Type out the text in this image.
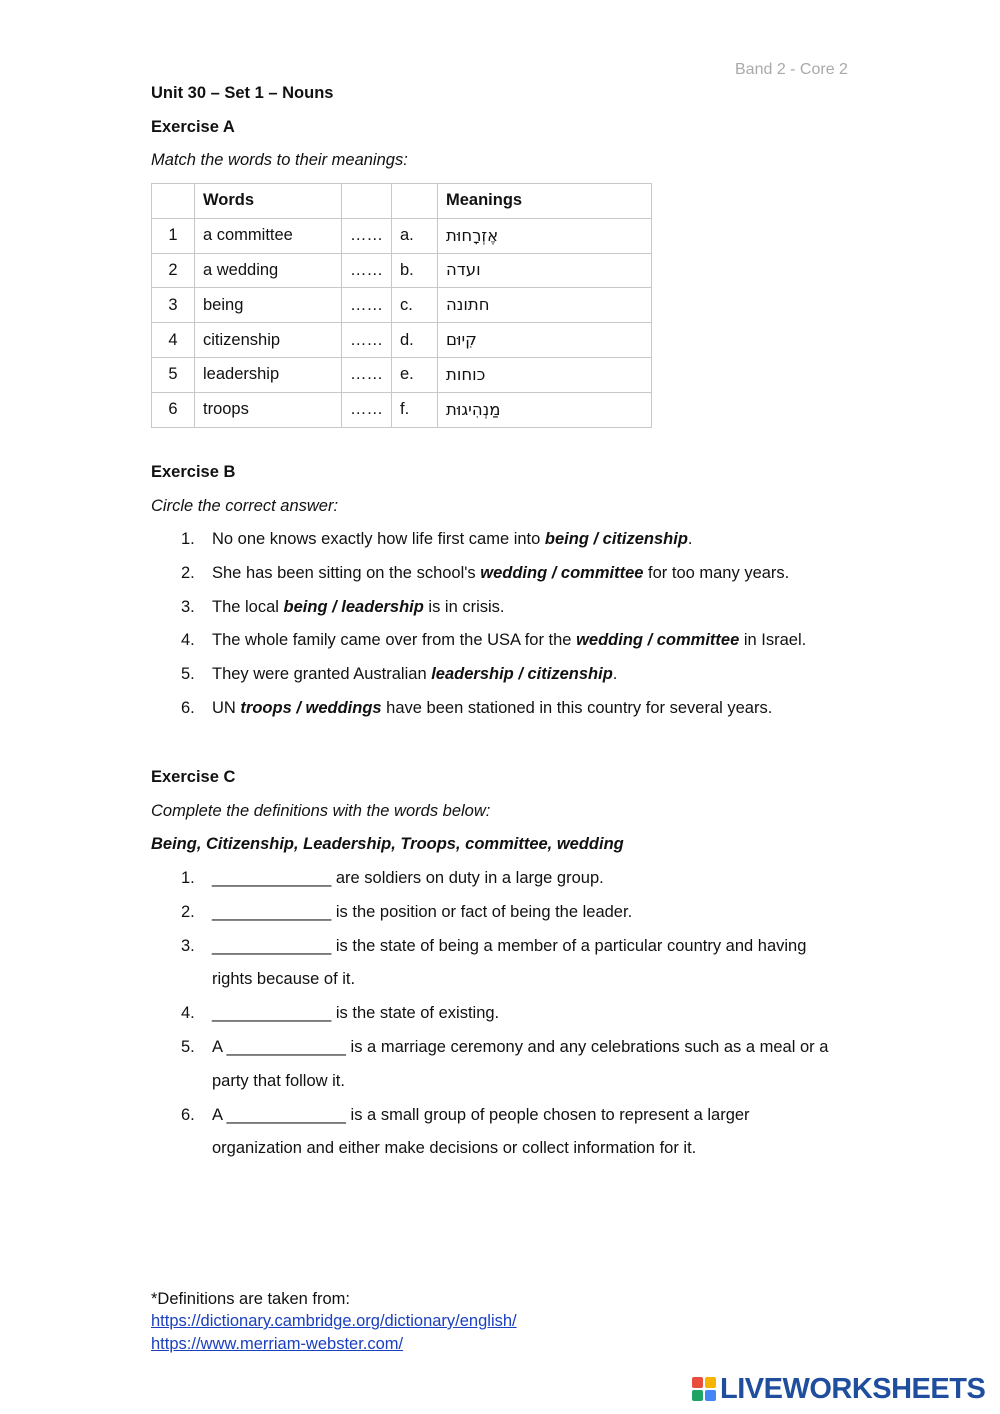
Band 2 - Core 2
Unit 30 – Set 1 – Nouns
Exercise A
Match the words to their meanings:
	Words			Meanings
1	a committee	……	a.	אֶזְרָחוּת
2	a wedding	……	b.	ועדה
3	being	……	c.	חתונה
4	citizenship	……	d.	קִיוּם
5	leadership	……	e.	כוחות
6	troops	……	f.	מַנְהִיגוּת
Exercise B
Circle the correct answer:
1. No one knows exactly how life first came into being / citizenship.
2. She has been sitting on the school's wedding / committee for too many years.
3. The local being / leadership is in crisis.
4. The whole family came over from the USA for the wedding / committee in Israel.
5. They were granted Australian leadership / citizenship.
6. UN troops / weddings have been stationed in this country for several years.
Exercise C
Complete the definitions with the words below:
Being, Citizenship, Leadership, Troops, committee, wedding
1. _____________ are soldiers on duty in a large group.
2. _____________ is the position or fact of being the leader.
3. _____________ is the state of being a member of a particular country and having
rights because of it.
4. _____________ is the state of existing.
5. A _____________ is a marriage ceremony and any celebrations such as a meal or a
party that follow it.
6. A _____________ is a small group of people chosen to represent a larger
organization and either make decisions or collect information for it.
*Definitions are taken from:
https://dictionary.cambridge.org/dictionary/english/
https://www.merriam-webster.com/
LIVEWORKSHEETS
